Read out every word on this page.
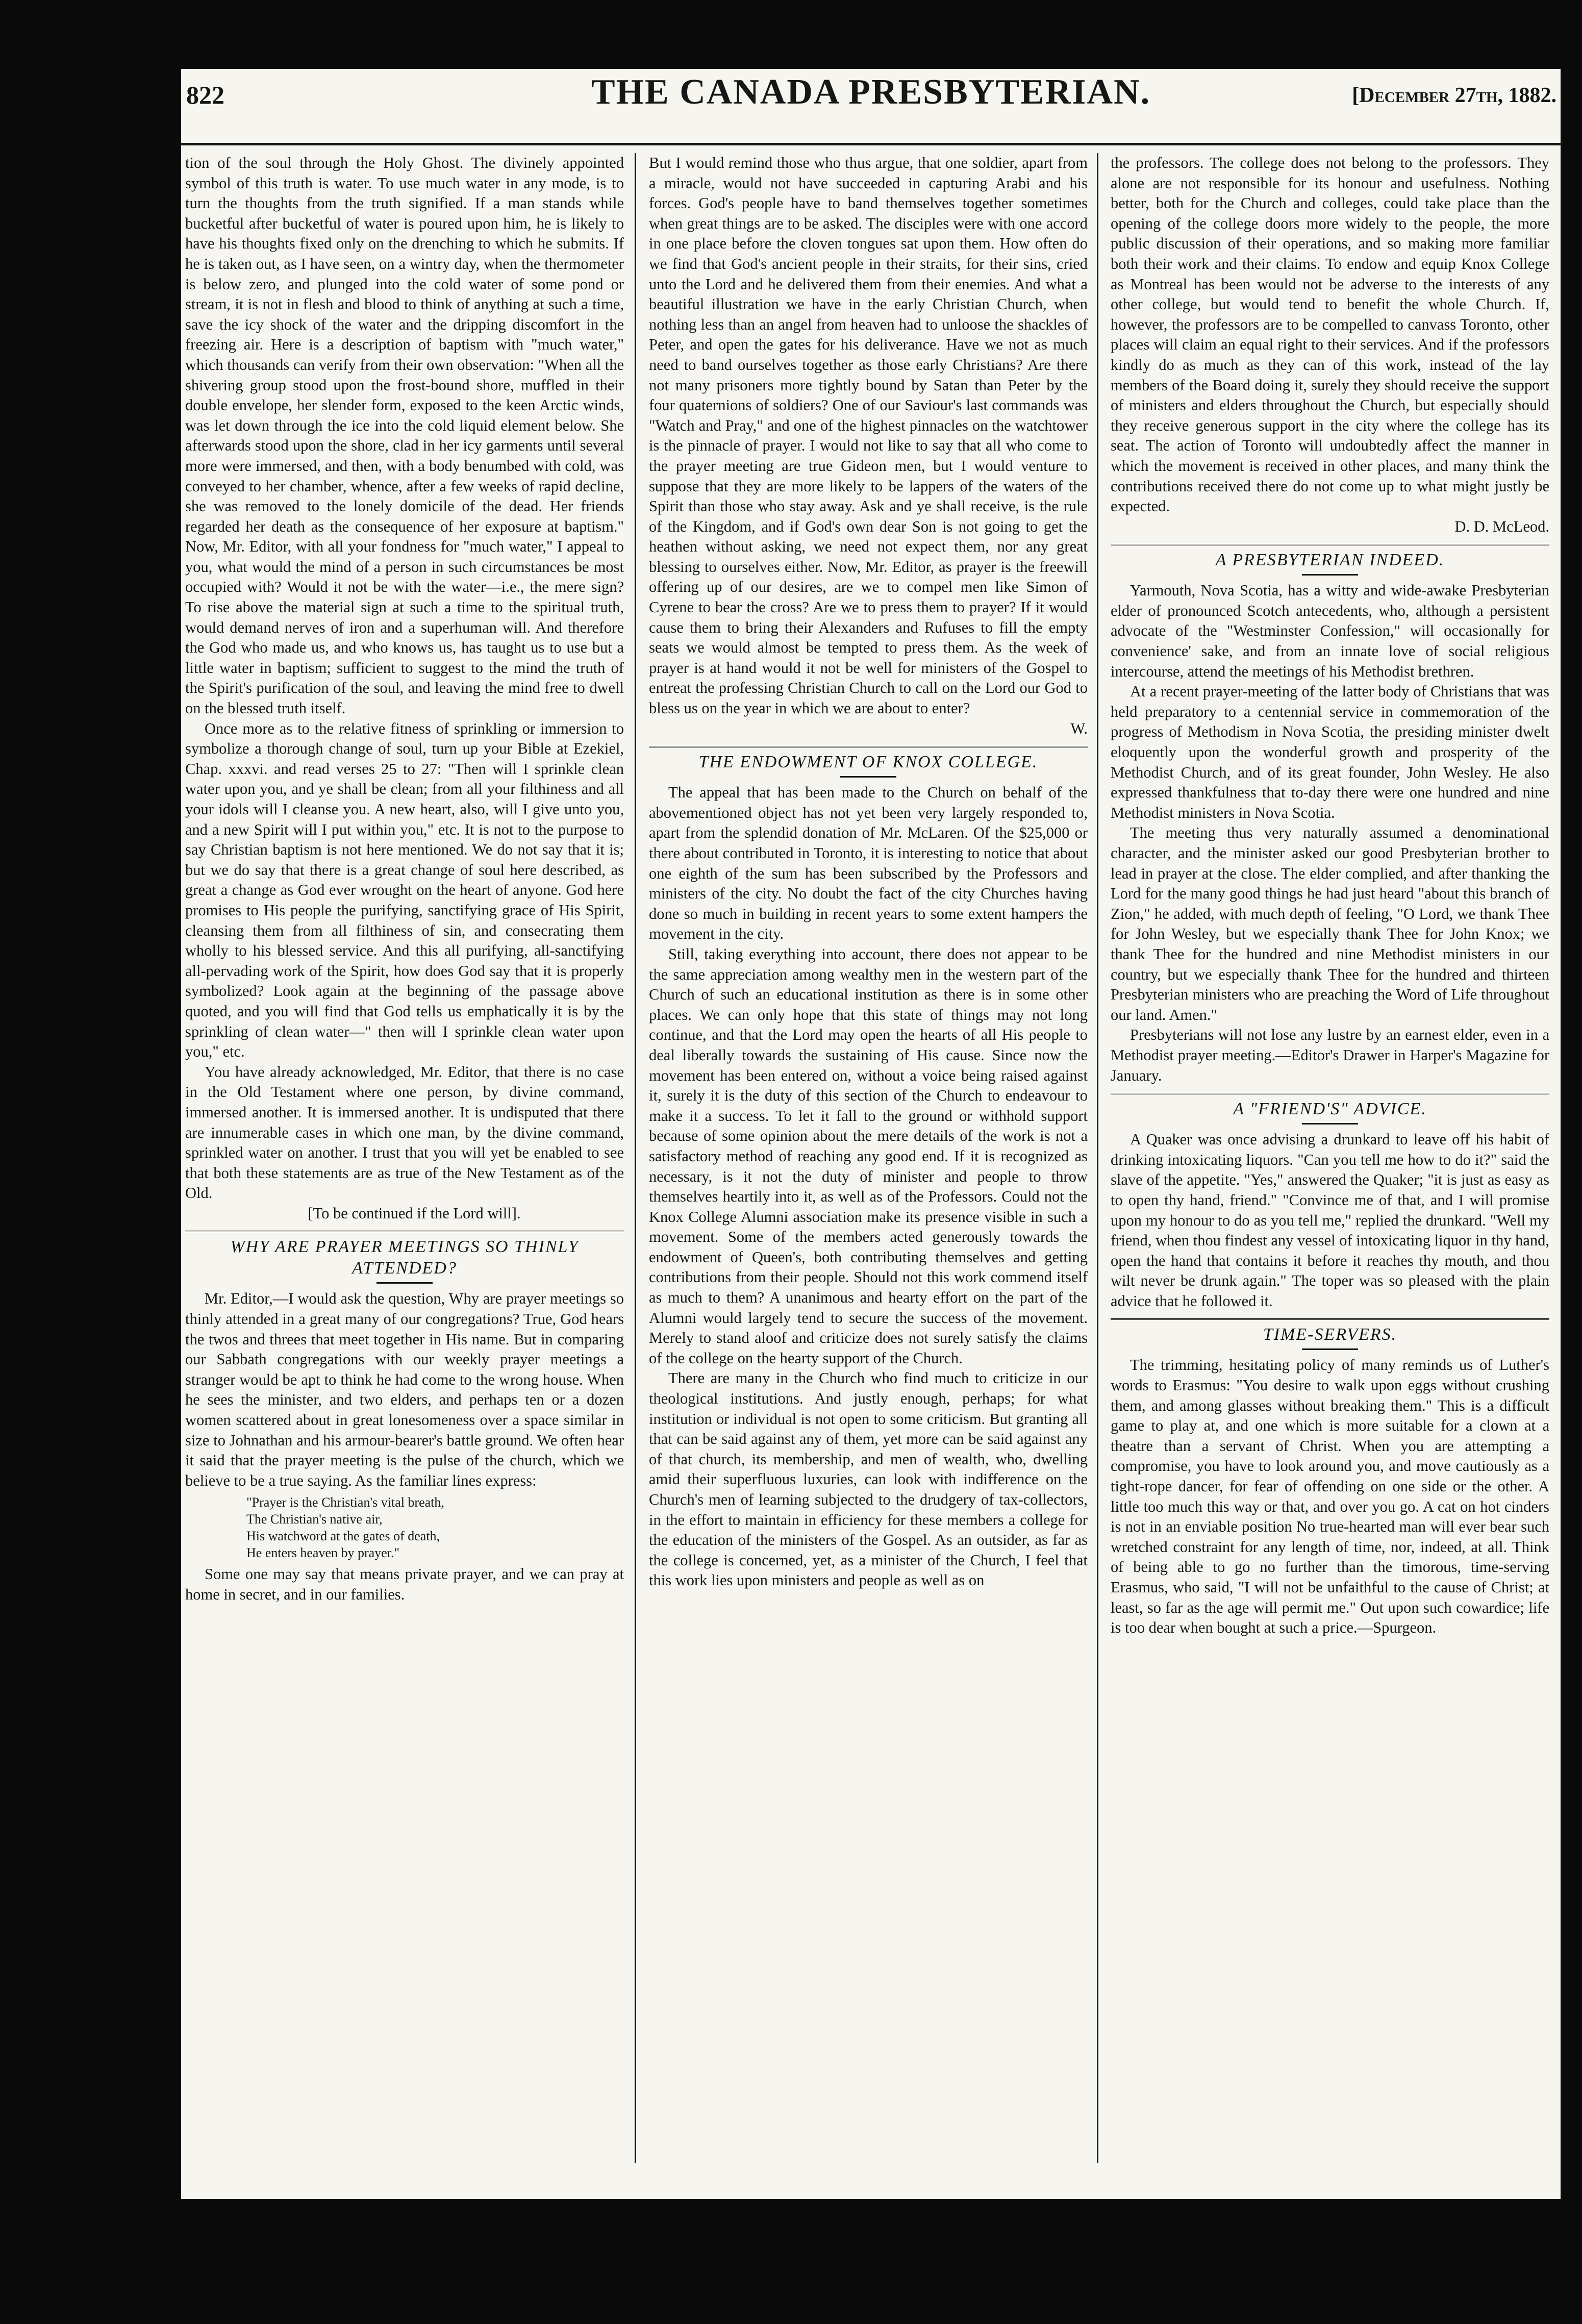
822	THE CANADA PRESBYTERIAN.	[December 27th, 1882.

tion of the soul through the Holy Ghost. The divinely appointed symbol of this truth is water. To use much water in any mode, is to turn the thoughts from the truth signified. If a man stands while bucketful after bucketful of water is poured upon him, he is likely to have his thoughts fixed only on the drenching to which he submits. If he is taken out, as I have seen, on a wintry day, when the thermometer is below zero, and plunged into the cold water of some pond or stream, it is not in flesh and blood to think of anything at such a time, save the icy shock of the water and the dripping discomfort in the freezing air. Here is a description of baptism with "much water," which thousands can verify from their own observation: "When all the shivering group stood upon the frost-bound shore, muffled in their double envelope, her slender form, exposed to the keen Arctic winds, was let down through the ice into the cold liquid element below. She afterwards stood upon the shore, clad in her icy garments until several more were immersed, and then, with a body benumbed with cold, was conveyed to her chamber, whence, after a few weeks of rapid decline, she was removed to the lonely domicile of the dead. Her friends regarded her death as the consequence of her exposure at baptism." Now, Mr. Editor, with all your fondness for "much water," I appeal to you, what would the mind of a person in such circumstances be most occupied with? Would it not be with the water—i.e., the mere sign? To rise above the material sign at such a time to the spiritual truth, would demand nerves of iron and a superhuman will. And therefore the God who made us, and who knows us, has taught us to use but a little water in baptism; sufficient to suggest to the mind the truth of the Spirit's purification of the soul, and leaving the mind free to dwell on the blessed truth itself.

Once more as to the relative fitness of sprinkling or immersion to symbolize a thorough change of soul, turn up your Bible at Ezekiel, Chap. xxxvi. and read verses 25 to 27: "Then will I sprinkle clean water upon you, and ye shall be clean; from all your filthiness and all your idols will I cleanse you. A new heart, also, will I give unto you, and a new Spirit will I put within you," etc. It is not to the purpose to say Christian baptism is not here mentioned. We do not say that it is; but we do say that there is a great change of soul here described, as great a change as God ever wrought on the heart of anyone. God here promises to His people the purifying, sanctifying grace of His Spirit, cleansing them from all filthiness of sin, and consecrating them wholly to his blessed service. And this all purifying, all-sanctifying all-pervading work of the Spirit, how does God say that it is properly symbolized? Look again at the beginning of the passage above quoted, and you will find that God tells us emphatically it is by the sprinkling of clean water—" then will I sprinkle clean water upon you," etc.

You have already acknowledged, Mr. Editor, that there is no case in the Old Testament where one person, by divine command, immersed another. It is immersed another. It is undisputed that there are innumerable cases in which one man, by the divine command, sprinkled water on another. I trust that you will yet be enabled to see that both these statements are as true of the New Testament as of the Old.

[To be continued if the Lord will].

WHY ARE PRAYER MEETINGS SO THINLY ATTENDED?

Mr. Editor,—I would ask the question, Why are prayer meetings so thinly attended in a great many of our congregations? True, God hears the twos and threes that meet together in His name. But in comparing our Sabbath congregations with our weekly prayer meetings a stranger would be apt to think he had come to the wrong house. When he sees the minister, and two elders, and perhaps ten or a dozen women scattered about in great lonesomeness over a space similar in size to Johnathan and his armour-bearer's battle ground. We often hear it said that the prayer meeting is the pulse of the church, which we believe to be a true saying. As the familiar lines express:

"Prayer is the Christian's vital breath,
The Christian's native air,
His watchword at the gates of death,
He enters heaven by prayer."

Some one may say that means private prayer, and we can pray at home in secret, and in our families.

But I would remind those who thus argue, that one soldier, apart from a miracle, would not have succeeded in capturing Arabi and his forces. God's people have to band themselves together sometimes when great things are to be asked. The disciples were with one accord in one place before the cloven tongues sat upon them. How often do we find that God's ancient people in their straits, for their sins, cried unto the Lord and he delivered them from their enemies. And what a beautiful illustration we have in the early Christian Church, when nothing less than an angel from heaven had to unloose the shackles of Peter, and open the gates for his deliverance. Have we not as much need to band ourselves together as those early Christians? Are there not many prisoners more tightly bound by Satan than Peter by the four quaternions of soldiers? One of our Saviour's last commands was "Watch and Pray," and one of the highest pinnacles on the watchtower is the pinnacle of prayer. I would not like to say that all who come to the prayer meeting are true Gideon men, but I would venture to suppose that they are more likely to be lappers of the waters of the Spirit than those who stay away. Ask and ye shall receive, is the rule of the Kingdom, and if God's own dear Son is not going to get the heathen without asking, we need not expect them, nor any great blessing to ourselves either. Now, Mr. Editor, as prayer is the freewill offering up of our desires, are we to compel men like Simon of Cyrene to bear the cross? Are we to press them to prayer? If it would cause them to bring their Alexanders and Rufuses to fill the empty seats we would almost be tempted to press them. As the week of prayer is at hand would it not be well for ministers of the Gospel to entreat the professing Christian Church to call on the Lord our God to bless us on the year in which we are about to enter?

W.
THE ENDOWMENT OF KNOX COLLEGE.

The appeal that has been made to the Church on behalf of the abovementioned object has not yet been very largely responded to, apart from the splendid donation of Mr. McLaren. Of the $25,000 or there about contributed in Toronto, it is interesting to notice that about one eighth of the sum has been subscribed by the Professors and ministers of the city. No doubt the fact of the city Churches having done so much in building in recent years to some extent hampers the movement in the city.

Still, taking everything into account, there does not appear to be the same appreciation among wealthy men in the western part of the Church of such an educational institution as there is in some other places. We can only hope that this state of things may not long continue, and that the Lord may open the hearts of all His people to deal liberally towards the sustaining of His cause. Since now the movement has been entered on, without a voice being raised against it, surely it is the duty of this section of the Church to endeavour to make it a success. To let it fall to the ground or withhold support because of some opinion about the mere details of the work is not a satisfactory method of reaching any good end. If it is recognized as necessary, is it not the duty of minister and people to throw themselves heartily into it, as well as of the Professors. Could not the Knox College Alumni association make its presence visible in such a movement. Some of the members acted generously towards the endowment of Queen's, both contributing themselves and getting contributions from their people. Should not this work commend itself as much to them? A unanimous and hearty effort on the part of the Alumni would largely tend to secure the success of the movement. Merely to stand aloof and criticize does not surely satisfy the claims of the college on the hearty support of the Church.

There are many in the Church who find much to criticize in our theological institutions. And justly enough, perhaps; for what institution or individual is not open to some criticism. But granting all that can be said against any of them, yet more can be said against any of that church, its membership, and men of wealth, who, dwelling amid their superfluous luxuries, can look with indifference on the Church's men of learning subjected to the drudgery of tax-collectors, in the effort to maintain in efficiency for these members a college for the education of the ministers of the Gospel. As an outsider, as far as the college is concerned, yet, as a minister of the Church, I feel that this work lies upon ministers and people as well as on

the professors. The college does not belong to the professors. They alone are not responsible for its honour and usefulness. Nothing better, both for the Church and colleges, could take place than the opening of the college doors more widely to the people, the more public discussion of their operations, and so making more familiar both their work and their claims. To endow and equip Knox College as Montreal has been would not be adverse to the interests of any other college, but would tend to benefit the whole Church. If, however, the professors are to be compelled to canvass Toronto, other places will claim an equal right to their services. And if the professors kindly do as much as they can of this work, instead of the lay members of the Board doing it, surely they should receive the support of ministers and elders throughout the Church, but especially should they receive generous support in the city where the college has its seat. The action of Toronto will undoubtedly affect the manner in which the movement is received in other places, and many think the contributions received there do not come up to what might justly be expected.

D. D. McLeod.
A PRESBYTERIAN INDEED.

Yarmouth, Nova Scotia, has a witty and wide-awake Presbyterian elder of pronounced Scotch antecedents, who, although a persistent advocate of the "Westminster Confession," will occasionally for convenience' sake, and from an innate love of social religious intercourse, attend the meetings of his Methodist brethren.

At a recent prayer-meeting of the latter body of Christians that was held preparatory to a centennial service in commemoration of the progress of Methodism in Nova Scotia, the presiding minister dwelt eloquently upon the wonderful growth and prosperity of the Methodist Church, and of its great founder, John Wesley. He also expressed thankfulness that to-day there were one hundred and nine Methodist ministers in Nova Scotia.

The meeting thus very naturally assumed a denominational character, and the minister asked our good Presbyterian brother to lead in prayer at the close. The elder complied, and after thanking the Lord for the many good things he had just heard "about this branch of Zion," he added, with much depth of feeling, "O Lord, we thank Thee for John Wesley, but we especially thank Thee for John Knox; we thank Thee for the hundred and nine Methodist ministers in our country, but we especially thank Thee for the hundred and thirteen Presbyterian ministers who are preaching the Word of Life throughout our land. Amen."

Presbyterians will not lose any lustre by an earnest elder, even in a Methodist prayer meeting.—Editor's Drawer in Harper's Magazine for January.

A "FRIEND'S" ADVICE.

A Quaker was once advising a drunkard to leave off his habit of drinking intoxicating liquors. "Can you tell me how to do it?" said the slave of the appetite. "Yes," answered the Quaker; "it is just as easy as to open thy hand, friend." "Convince me of that, and I will promise upon my honour to do as you tell me," replied the drunkard. "Well my friend, when thou findest any vessel of intoxicating liquor in thy hand, open the hand that contains it before it reaches thy mouth, and thou wilt never be drunk again." The toper was so pleased with the plain advice that he followed it.

TIME-SERVERS.

The trimming, hesitating policy of many reminds us of Luther's words to Erasmus: "You desire to walk upon eggs without crushing them, and among glasses without breaking them." This is a difficult game to play at, and one which is more suitable for a clown at a theatre than a servant of Christ. When you are attempting a compromise, you have to look around you, and move cautiously as a tight-rope dancer, for fear of offending on one side or the other. A little too much this way or that, and over you go. A cat on hot cinders is not in an enviable position No true-hearted man will ever bear such wretched constraint for any length of time, nor, indeed, at all. Think of being able to go no further than the timorous, time-serving Erasmus, who said, "I will not be unfaithful to the cause of Christ; at least, so far as the age will permit me." Out upon such cowardice; life is too dear when bought at such a price.—Spurgeon.
